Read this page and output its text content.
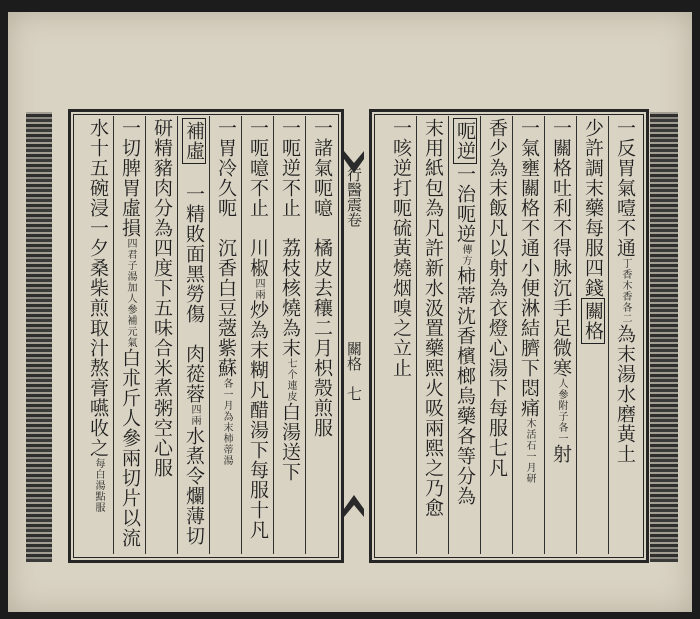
一反胃氣噎不通丁香木香各二為末湯水磨黃土
少許調末藥每服四錢關格
一關格吐利不得脉沉手足微寒人參附子各一射
一氣壅關格不通小便淋結臍下悶痛木活石一月研
香少為末飯凡以射為衣燈心湯下每服七凡
呃逆一治呃逆傳方柿蒂沈香檳榔烏藥各等分為
末用紙包為凡許新水汲置藥熙火吸兩熙之乃愈
一咳逆打呃硫黃燒烟嗅之立止
行醫震卷
關格　七
一諸氣呃噫　橘皮去穰二月枳殼煎服
一呃逆不止　荔枝核燒為末七个連皮白湯送下
一呃噫不止　川椒四兩炒為末糊凡醋湯下每服十凡
一胃冷久呃　沉香白豆蔲紫蘇各一月為末柿蒂湯
補虛　一精敗面黑勞傷　肉蓯蓉四兩水煮令爛薄切
研精豬肉分為四度下五味合米煮粥空心服
一切脾胃虛損四君子湯加人參補元氣白朮斤人參兩切片以流
水十五碗浸一夕桑柴煎取汁熬膏嚥收之每白湯點服
